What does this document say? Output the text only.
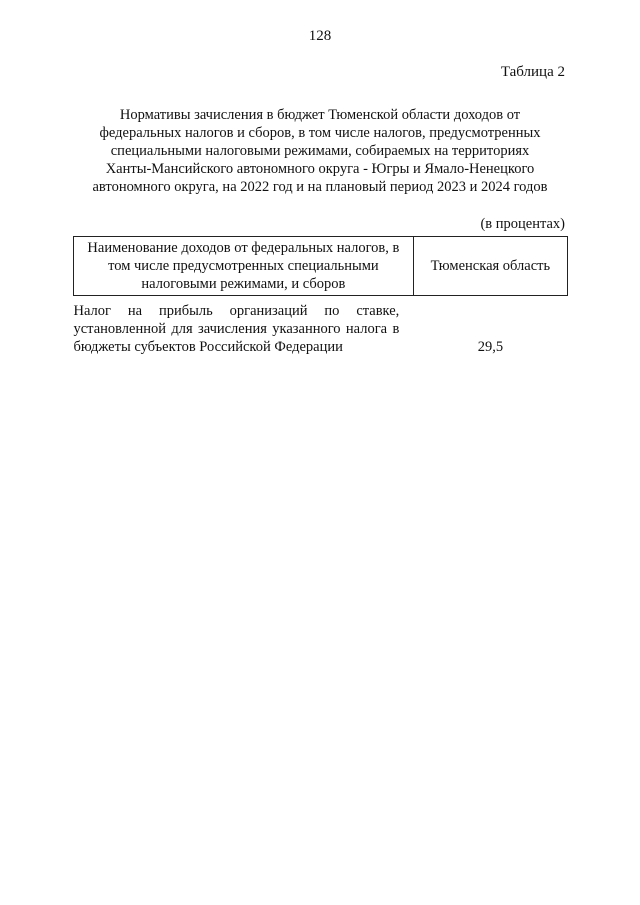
128
Таблица 2
Нормативы зачисления в бюджет Тюменской области доходов от
федеральных налогов и сборов, в том числе налогов, предусмотренных
специальными налоговыми режимами, собираемых на территориях
Ханты-Мансийского автономного округа - Югры и Ямало-Ненецкого
автономного округа, на 2022 год и на плановый период 2023 и 2024 годов
(в процентах)
Наименование доходов от федеральных налогов, в том числе предусмотренных специальными налоговыми режимами, и сборов	Тюменская область

Налог на прибыль организаций по ставке, установленной для зачисления указанного налога в бюджеты субъектов Российской Федерации	29,5
